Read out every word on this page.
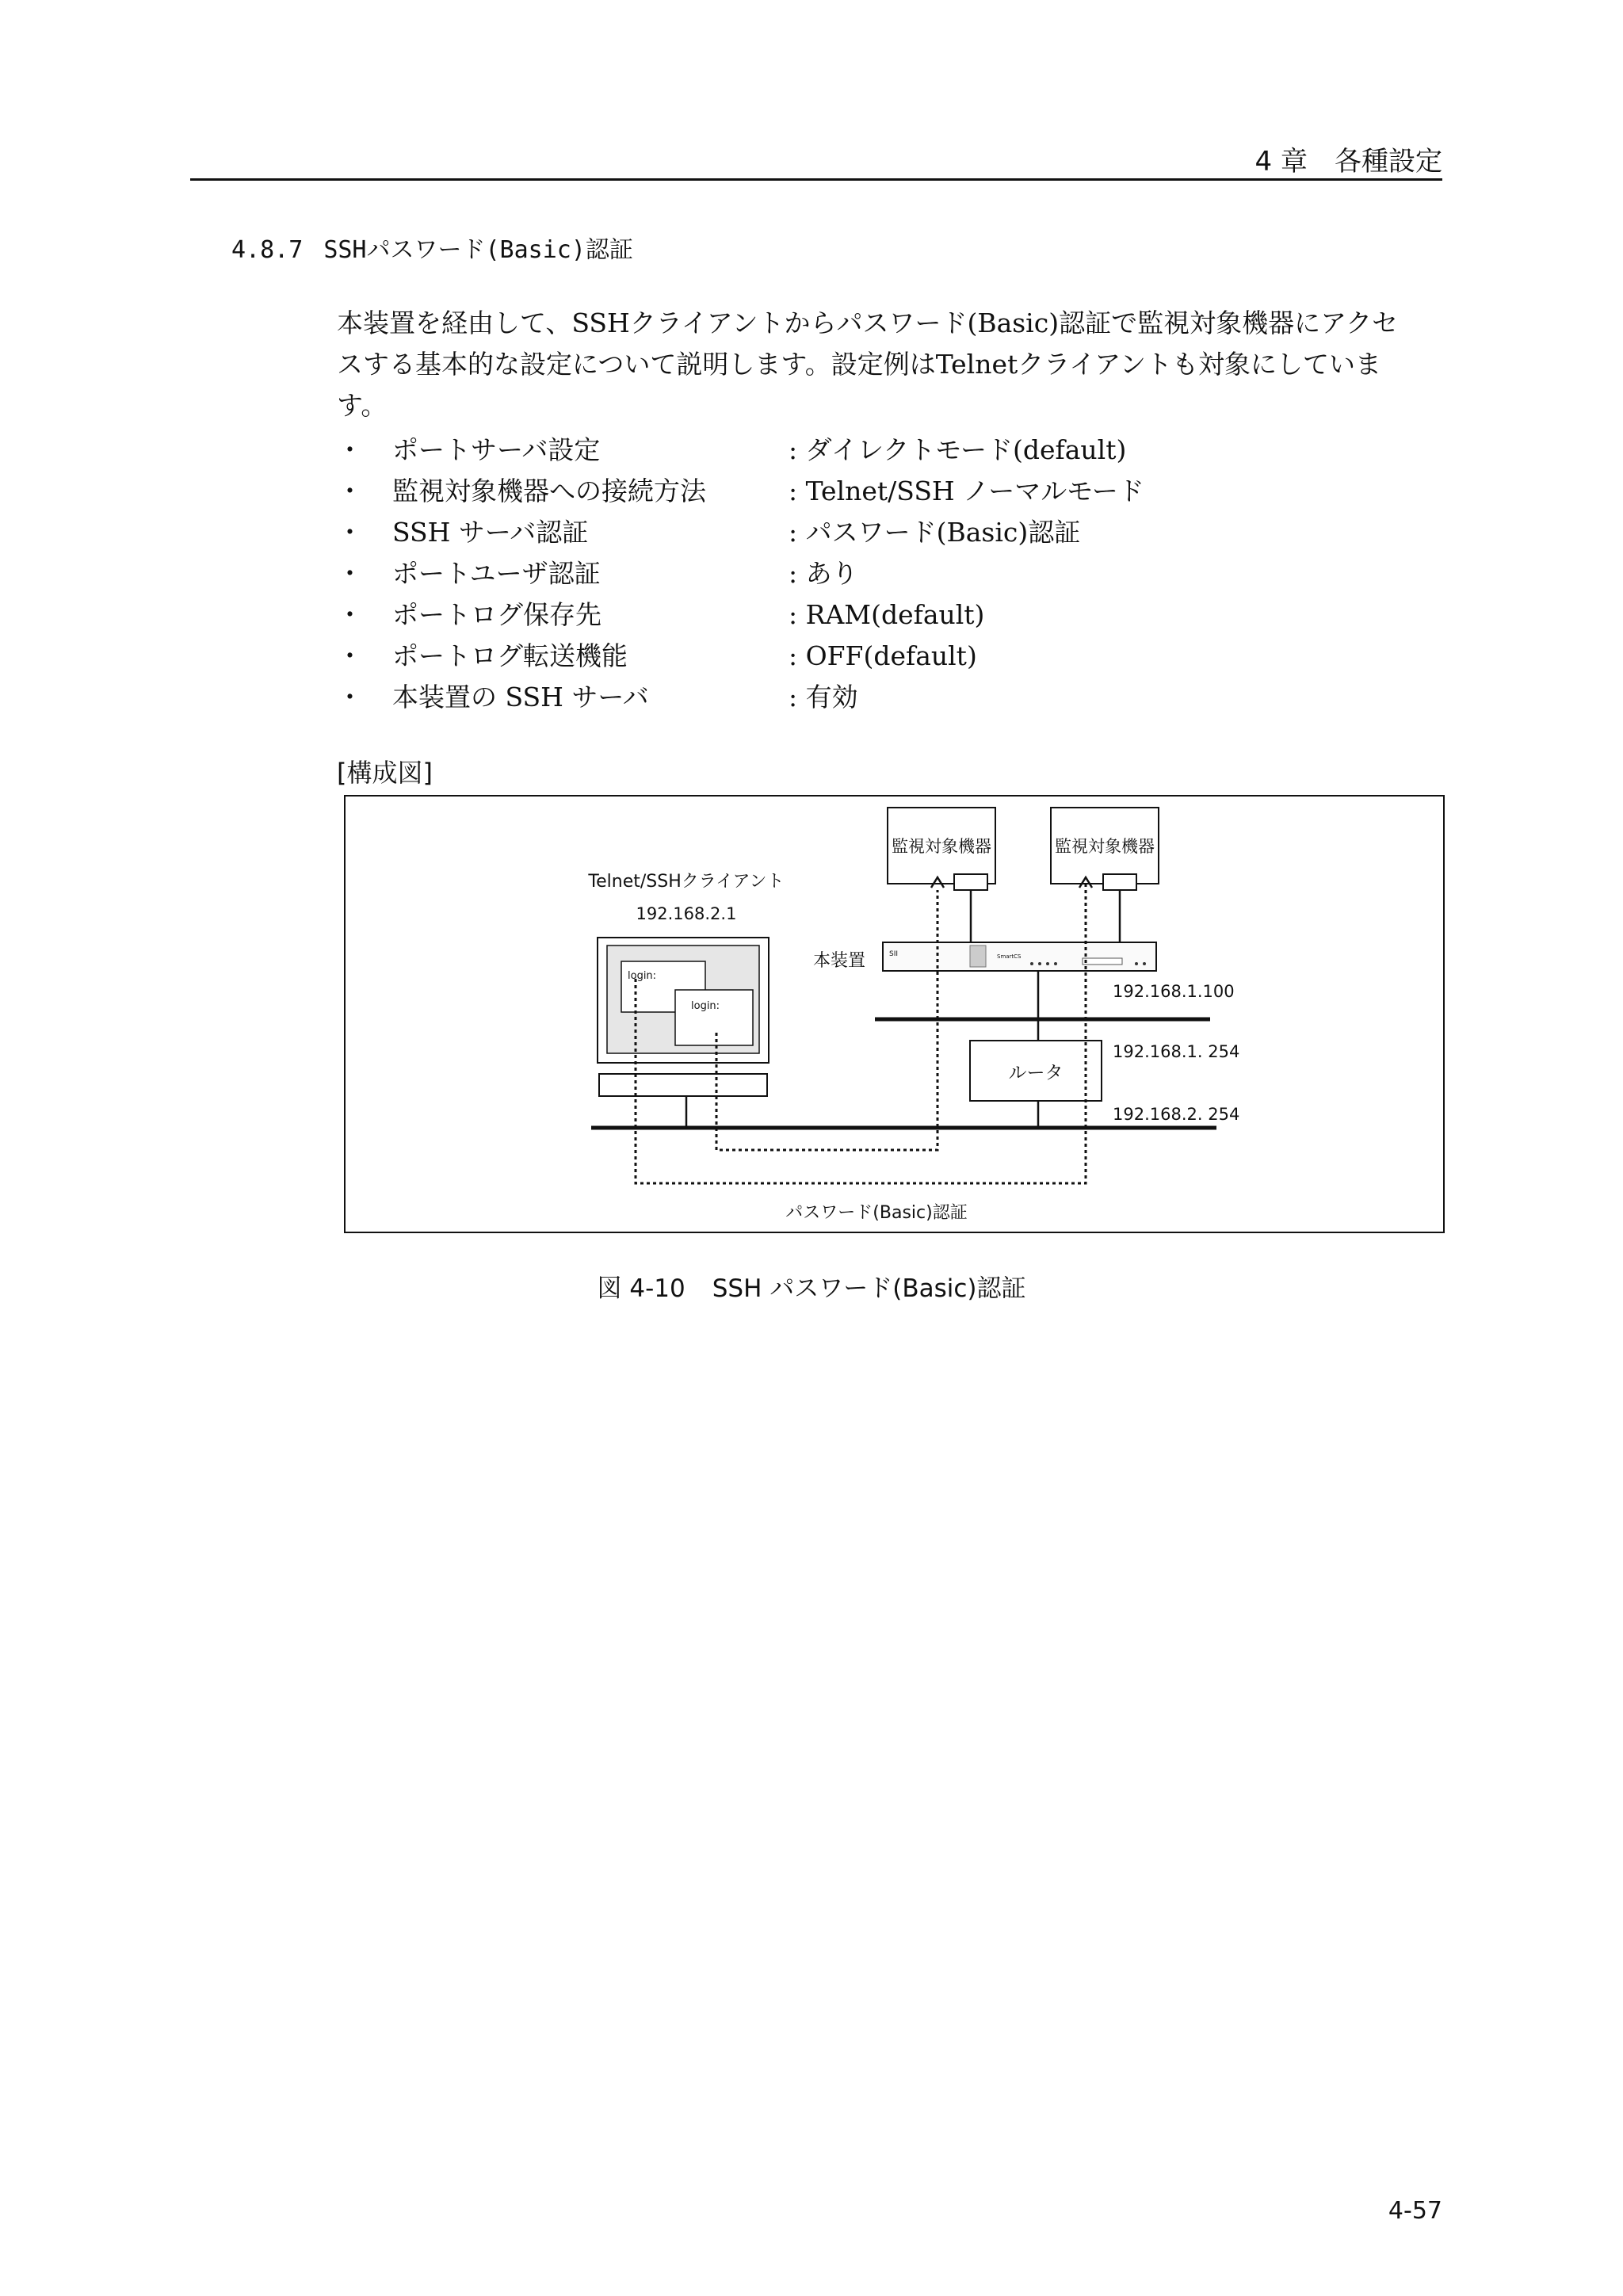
4 章　各種設定
4.8.7 SSHパスワード(Basic)認証

本装置を経由して、SSHクライアントからパスワード(Basic)認証で監視対象機器にアクセ

スする基本的な設定について説明します。設定例はTelnetクライアントも対象にしていま

す。

・ ポートサーバ設定	: ダイレクトモード(default)
・ 監視対象機器への接続方法	: Telnet/SSH ノーマルモード
・ SSH サーバ認証	: パスワード(Basic)認証
・ ポートユーザ認証	: あり
・ ポートログ保存先	: RAM(default)
・ ポートログ転送機能	: OFF(default)
・ 本装置の SSH サーバ	: 有効
[構成図]
監視対象機器	監視対象機器
Telnet/SSHクライアント
192.168.2.1
本装置	SII	SmartCS
192.168.1.100
ルータ
192.168.1. 254
192.168.2. 254
login:
login:
パスワード(Basic)認証
図 4-10 SSH パスワード(Basic)認証
4-57
